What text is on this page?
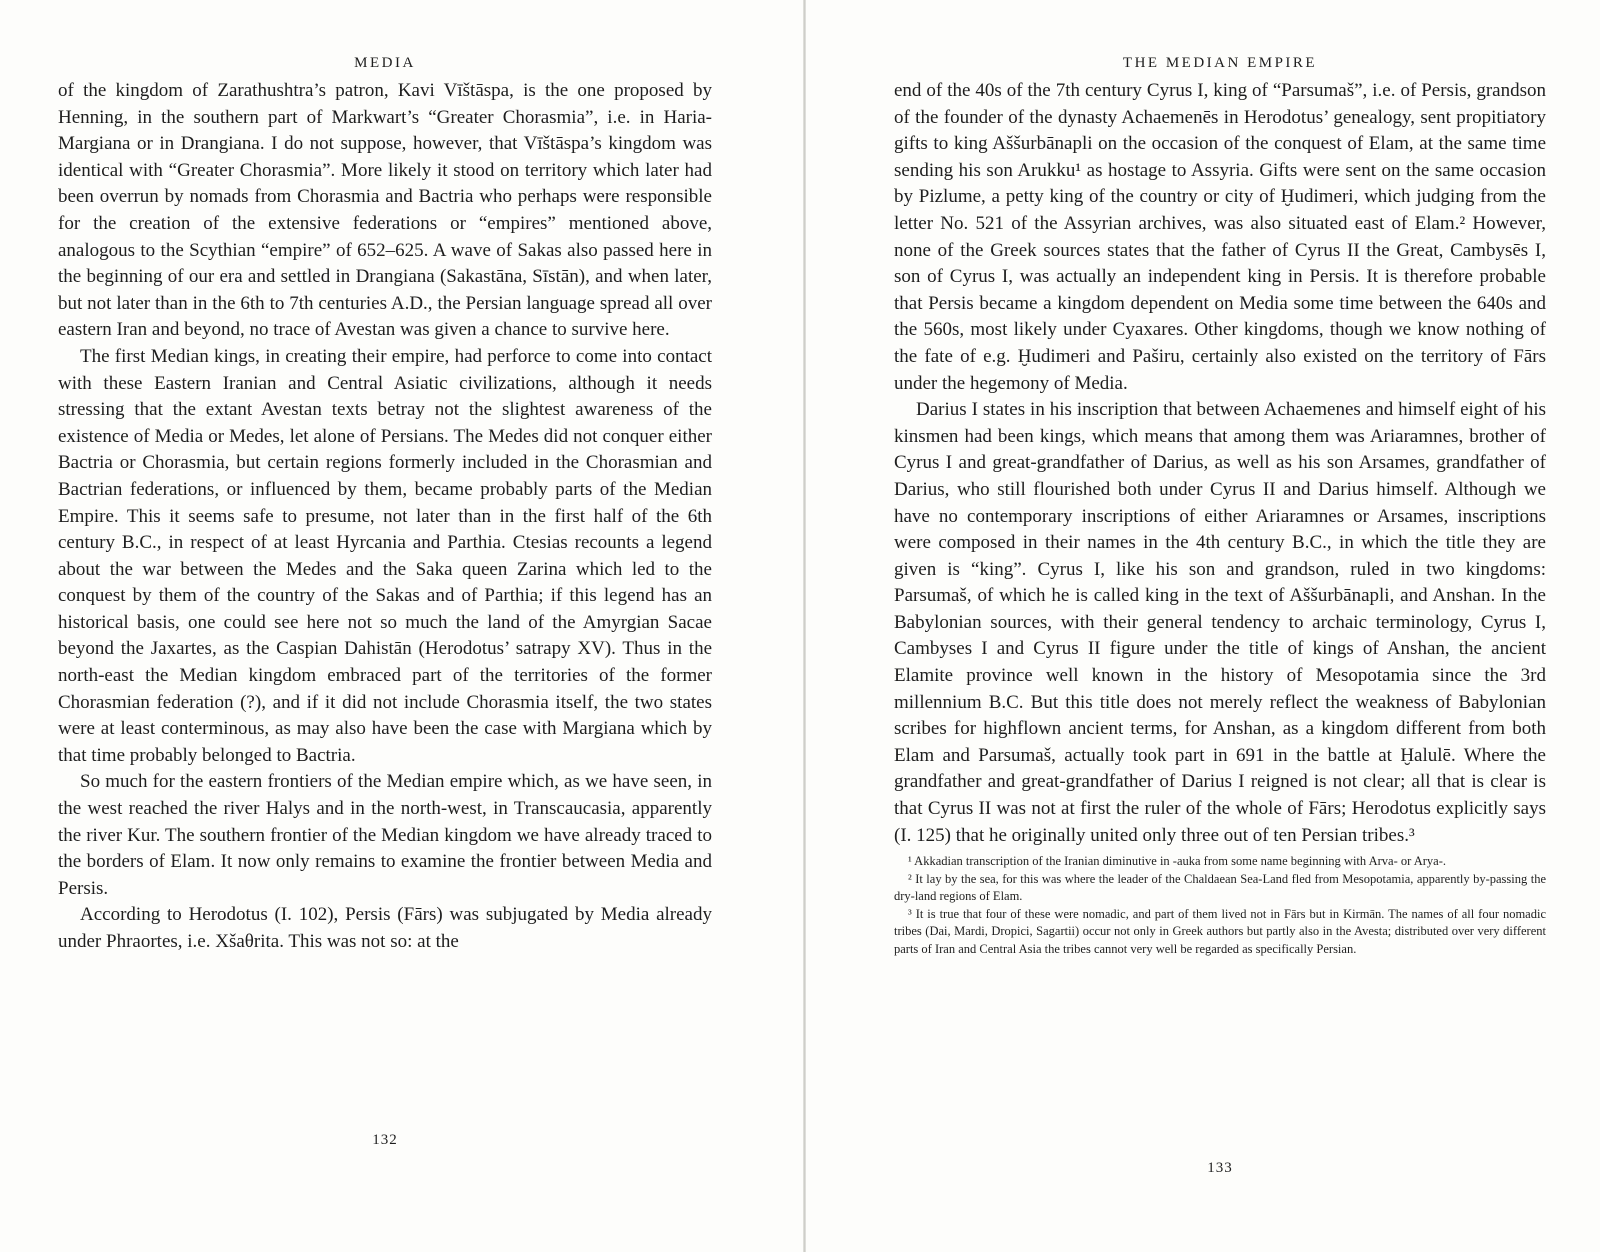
MEDIA

of the kingdom of Zarathushtra’s patron, Kavi Vīštāspa, is the one proposed by Henning, in the southern part of Markwart’s “Greater Chorasmia”, i.e. in Haria-Margiana or in Drangiana. I do not suppose, however, that Vīštāspa’s kingdom was identical with “Greater Chorasmia”. More likely it stood on territory which later had been overrun by nomads from Chorasmia and Bactria who perhaps were responsible for the creation of the extensive federations or “empires” mentioned above, analogous to the Scythian “empire” of 652–625. A wave of Sakas also passed here in the beginning of our era and settled in Drangiana (Sakastāna, Sīstān), and when later, but not later than in the 6th to 7th centuries A.D., the Persian language spread all over eastern Iran and beyond, no trace of Avestan was given a chance to survive here.

The first Median kings, in creating their empire, had perforce to come into contact with these Eastern Iranian and Central Asiatic civilizations, although it needs stressing that the extant Avestan texts betray not the slightest awareness of the existence of Media or Medes, let alone of Persians. The Medes did not conquer either Bactria or Chorasmia, but certain regions formerly included in the Chorasmian and Bactrian federations, or influenced by them, became probably parts of the Median Empire. This it seems safe to presume, not later than in the first half of the 6th century B.C., in respect of at least Hyrcania and Parthia. Ctesias recounts a legend about the war between the Medes and the Saka queen Zarina which led to the conquest by them of the country of the Sakas and of Parthia; if this legend has an historical basis, one could see here not so much the land of the Amyrgian Sacae beyond the Jaxartes, as the Caspian Dahistān (Herodotus’ satrapy XV). Thus in the north-east the Median kingdom embraced part of the territories of the former Chorasmian federation (?), and if it did not include Chorasmia itself, the two states were at least conterminous, as may also have been the case with Margiana which by that time probably belonged to Bactria.

So much for the eastern frontiers of the Median empire which, as we have seen, in the west reached the river Halys and in the north-west, in Transcaucasia, apparently the river Kur. The southern frontier of the Median kingdom we have already traced to the borders of Elam. It now only remains to examine the frontier between Media and Persis.

According to Herodotus (I. 102), Persis (Fārs) was subjugated by Media already under Phraortes, i.e. Xšaθrita. This was not so: at the

132
THE MEDIAN EMPIRE

end of the 40s of the 7th century Cyrus I, king of “Parsumaš”, i.e. of Persis, grandson of the founder of the dynasty Achaemenēs in Herodotus’ genealogy, sent propitiatory gifts to king Aššurbānapli on the occasion of the conquest of Elam, at the same time sending his son Arukku¹ as hostage to Assyria. Gifts were sent on the same occasion by Pizlume, a petty king of the country or city of Ḫudimeri, which judging from the letter No. 521 of the Assyrian archives, was also situated east of Elam.² However, none of the Greek sources states that the father of Cyrus II the Great, Cambysēs I, son of Cyrus I, was actually an independent king in Persis. It is therefore probable that Persis became a kingdom dependent on Media some time between the 640s and the 560s, most likely under Cyaxares. Other kingdoms, though we know nothing of the fate of e.g. Ḫudimeri and Paširu, certainly also existed on the territory of Fārs under the hegemony of Media.

Darius I states in his inscription that between Achaemenes and himself eight of his kinsmen had been kings, which means that among them was Ariaramnes, brother of Cyrus I and great-grandfather of Darius, as well as his son Arsames, grandfather of Darius, who still flourished both under Cyrus II and Darius himself. Although we have no contemporary inscriptions of either Ariaramnes or Arsames, inscriptions were composed in their names in the 4th century B.C., in which the title they are given is “king”. Cyrus I, like his son and grandson, ruled in two kingdoms: Parsumaš, of which he is called king in the text of Aššurbānapli, and Anshan. In the Babylonian sources, with their general tendency to archaic terminology, Cyrus I, Cambyses I and Cyrus II figure under the title of kings of Anshan, the ancient Elamite province well known in the history of Mesopotamia since the 3rd millennium B.C. But this title does not merely reflect the weakness of Babylonian scribes for highflown ancient terms, for Anshan, as a kingdom different from both Elam and Parsumaš, actually took part in 691 in the battle at Ḫalulē. Where the grandfather and great-grandfather of Darius I reigned is not clear; all that is clear is that Cyrus II was not at first the ruler of the whole of Fārs; Herodotus explicitly says (I. 125) that he originally united only three out of ten Persian tribes.³

¹ Akkadian transcription of the Iranian diminutive in -auka from some name beginning with Arva- or Arya-.

² It lay by the sea, for this was where the leader of the Chaldaean Sea-Land fled from Mesopotamia, apparently by-passing the dry-land regions of Elam.

³ It is true that four of these were nomadic, and part of them lived not in Fārs but in Kirmān. The names of all four nomadic tribes (Dai, Mardi, Dropici, Sagartii) occur not only in Greek authors but partly also in the Avesta; distributed over very different parts of Iran and Central Asia the tribes cannot very well be regarded as specifically Persian.

133
